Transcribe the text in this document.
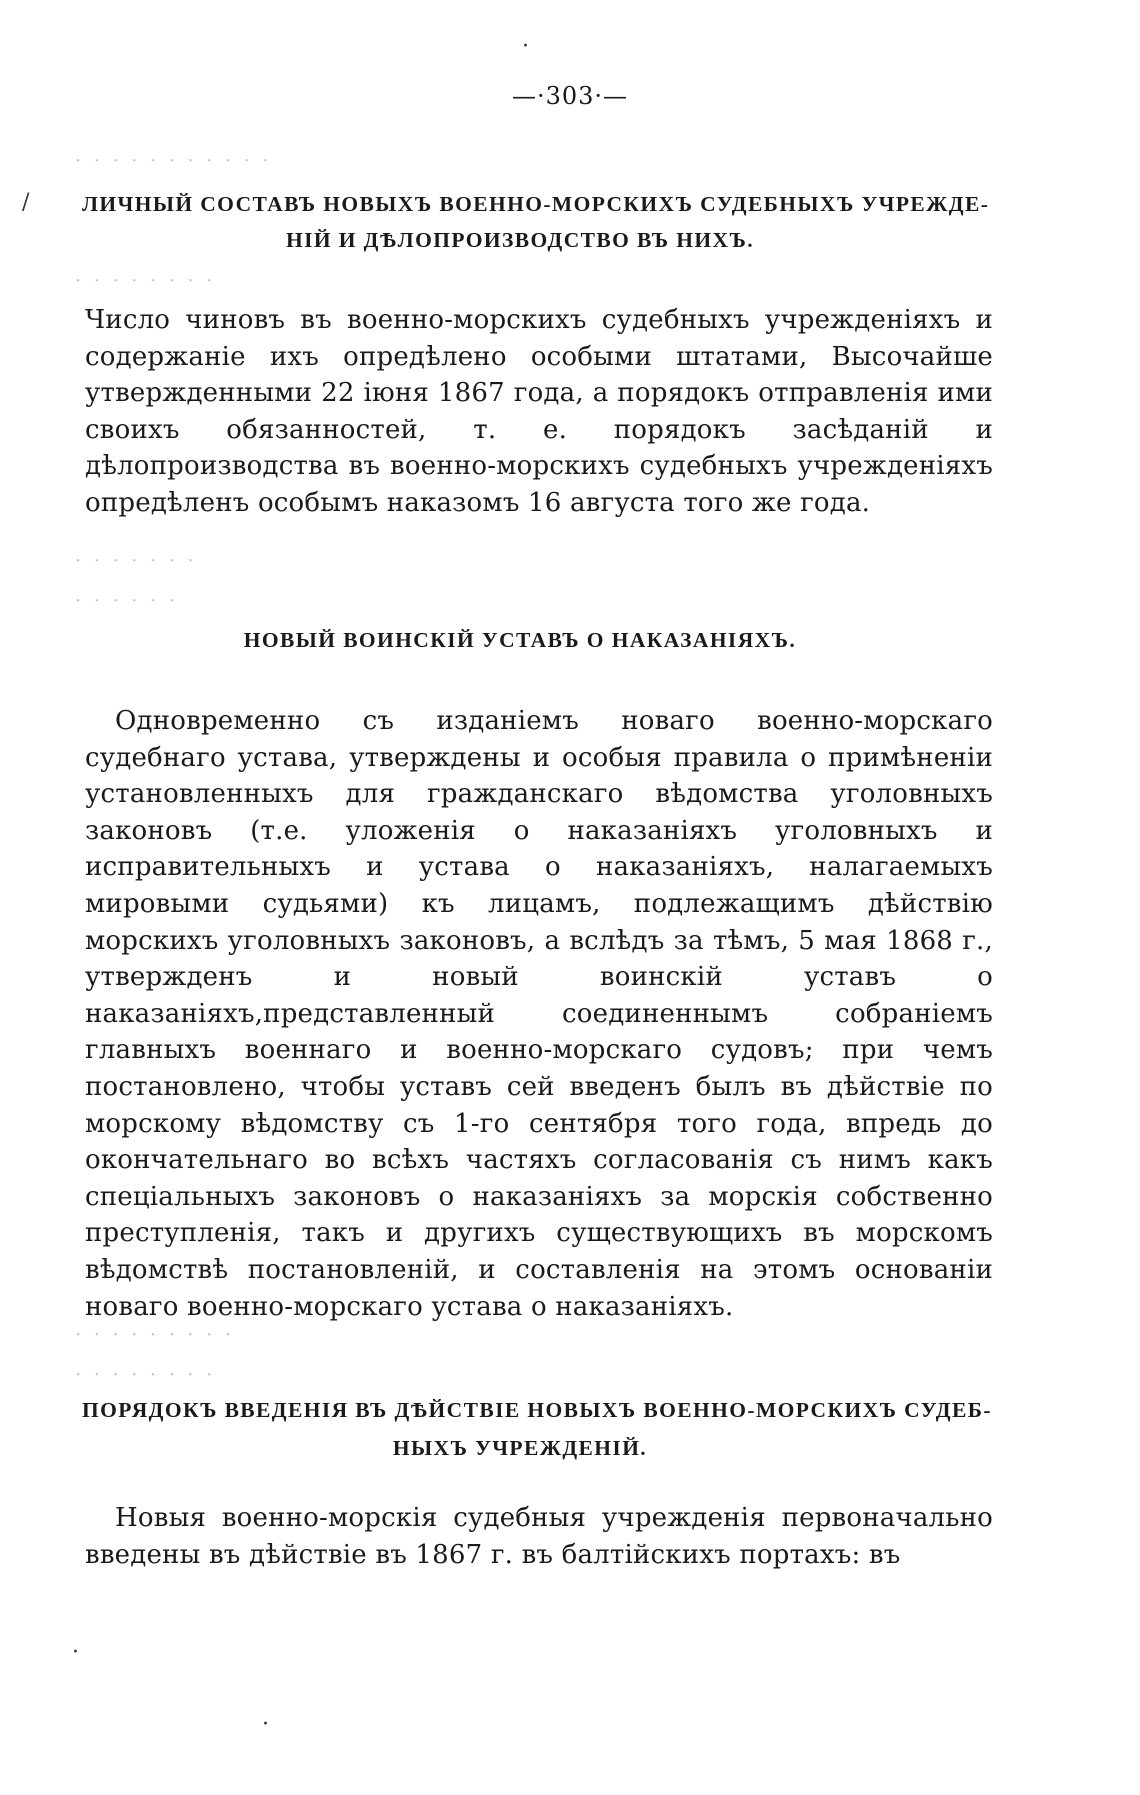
·
/
—·303·—
· · · · · · · · · · ·
ЛИЧНЫЙ СОСТАВЪ НОВЫХЪ ВОЕННО-МОРСКИХЪ СУДЕБНЫХЪ УЧРЕЖДЕ-
НІЙ И ДѢЛОПРОИЗВОДСТВО ВЪ НИХЪ.
· · · · · · · ·

Число чиновъ въ военно-морскихъ судебныхъ учрежденіяхъ и содержаніе ихъ опредѣлено особыми штатами, Высочайше утвержденными 22 іюня 1867 года, а порядокъ отправленія ими своихъ обязанностей, т. е. порядокъ засѣданій и дѣлопроизводства въ военно-морскихъ судебныхъ учрежденіяхъ опредѣленъ особымъ наказомъ 16 августа того же года.

· · · · · · ·
· · · · · ·
НОВЫЙ ВОИНСКІЙ УСТАВЪ О НАКАЗАНІЯХЪ.

Одновременно съ изданіемъ новаго военно-морскаго судебнаго устава, утверждены и особыя правила о примѣненіи установленныхъ для гражданскаго вѣдомства уголовныхъ законовъ (т.е. уложенія о наказаніяхъ уголовныхъ и исправительныхъ и устава о наказаніяхъ, налагаемыхъ мировыми судьями) къ лицамъ, подлежащимъ дѣйствію морскихъ уголовныхъ законовъ, а вслѣдъ за тѣмъ, 5 мая 1868 г., утвержденъ и новый воинскій уставъ о наказаніяхъ,представленный соединеннымъ собраніемъ главныхъ военнаго и военно-морскаго судовъ; при чемъ постановлено, чтобы уставъ сей введенъ былъ въ дѣйствіе по морскому вѣдомству съ 1-го сентября того года, впредь до окончательнаго во всѣхъ частяхъ согласованія съ нимъ какъ спеціальныхъ законовъ о наказаніяхъ за морскія собственно преступленія, такъ и другихъ существующихъ въ морскомъ вѣдомствѣ постановленій, и составленія на этомъ основаніи новаго военно-морскаго устава о наказаніяхъ.

· · · · · · · · ·
· · · · · · · ·
ПОРЯДОКЪ ВВЕДЕНІЯ ВЪ ДѢЙСТВІЕ НОВЫХЪ ВОЕННО-МОРСКИХЪ СУДЕБ-
НЫХЪ УЧРЕЖДЕНІЙ.

Новыя военно-морскія судебныя учрежденія первоначально введены въ дѣйствіе въ 1867 г. въ балтійскихъ портахъ: въ

·
·
